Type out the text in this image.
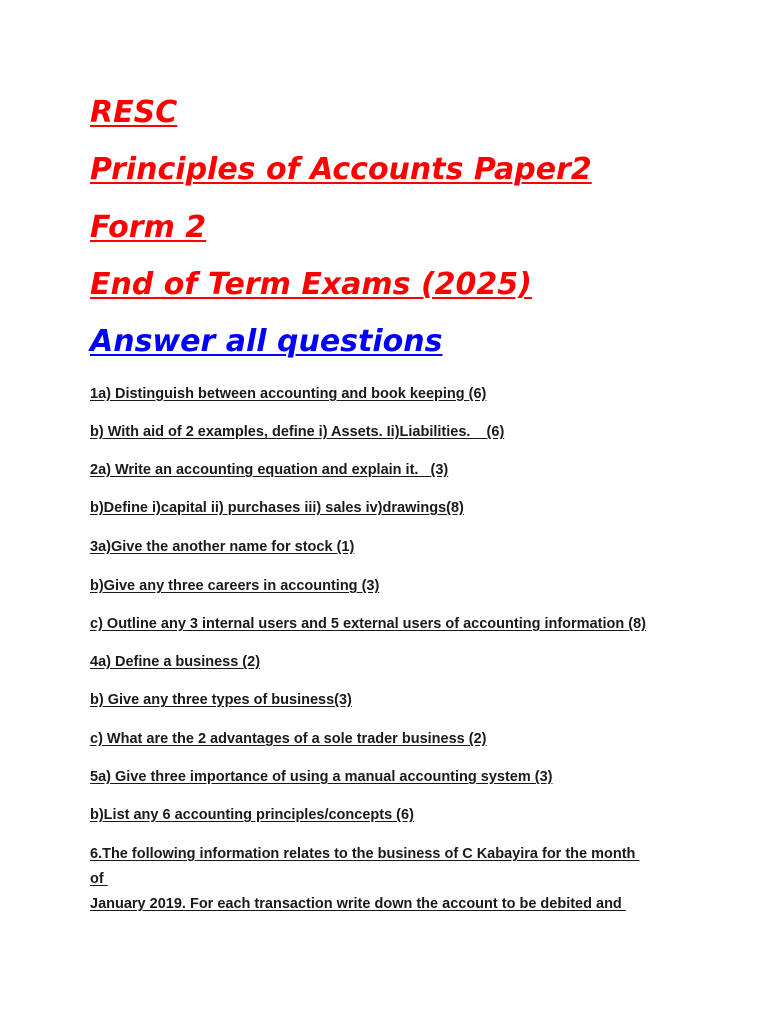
RESC

Principles of Accounts Paper2

Form 2

End of Term Exams (2025)

Answer all questions

1a) Distinguish between accounting and book keeping (6)

b) With aid of 2 examples, define i) Assets. Ii)Liabilities.    (6)

2a) Write an accounting equation and explain it.   (3)

b)Define i)capital ii) purchases iii) sales iv)drawings(8)

3a)Give the another name for stock (1)

b)Give any three careers in accounting (3)

c) Outline any 3 internal users and 5 external users of accounting information (8)

4a) Define a business (2)

b) Give any three types of business(3)

c) What are the 2 advantages of a sole trader business (2)

5a) Give three importance of using a manual accounting system (3)

b)List any 6 accounting principles/concepts (6)

6.The following information relates to the business of C Kabayira for the month

of

January 2019. For each transaction write down the account to be debited and
